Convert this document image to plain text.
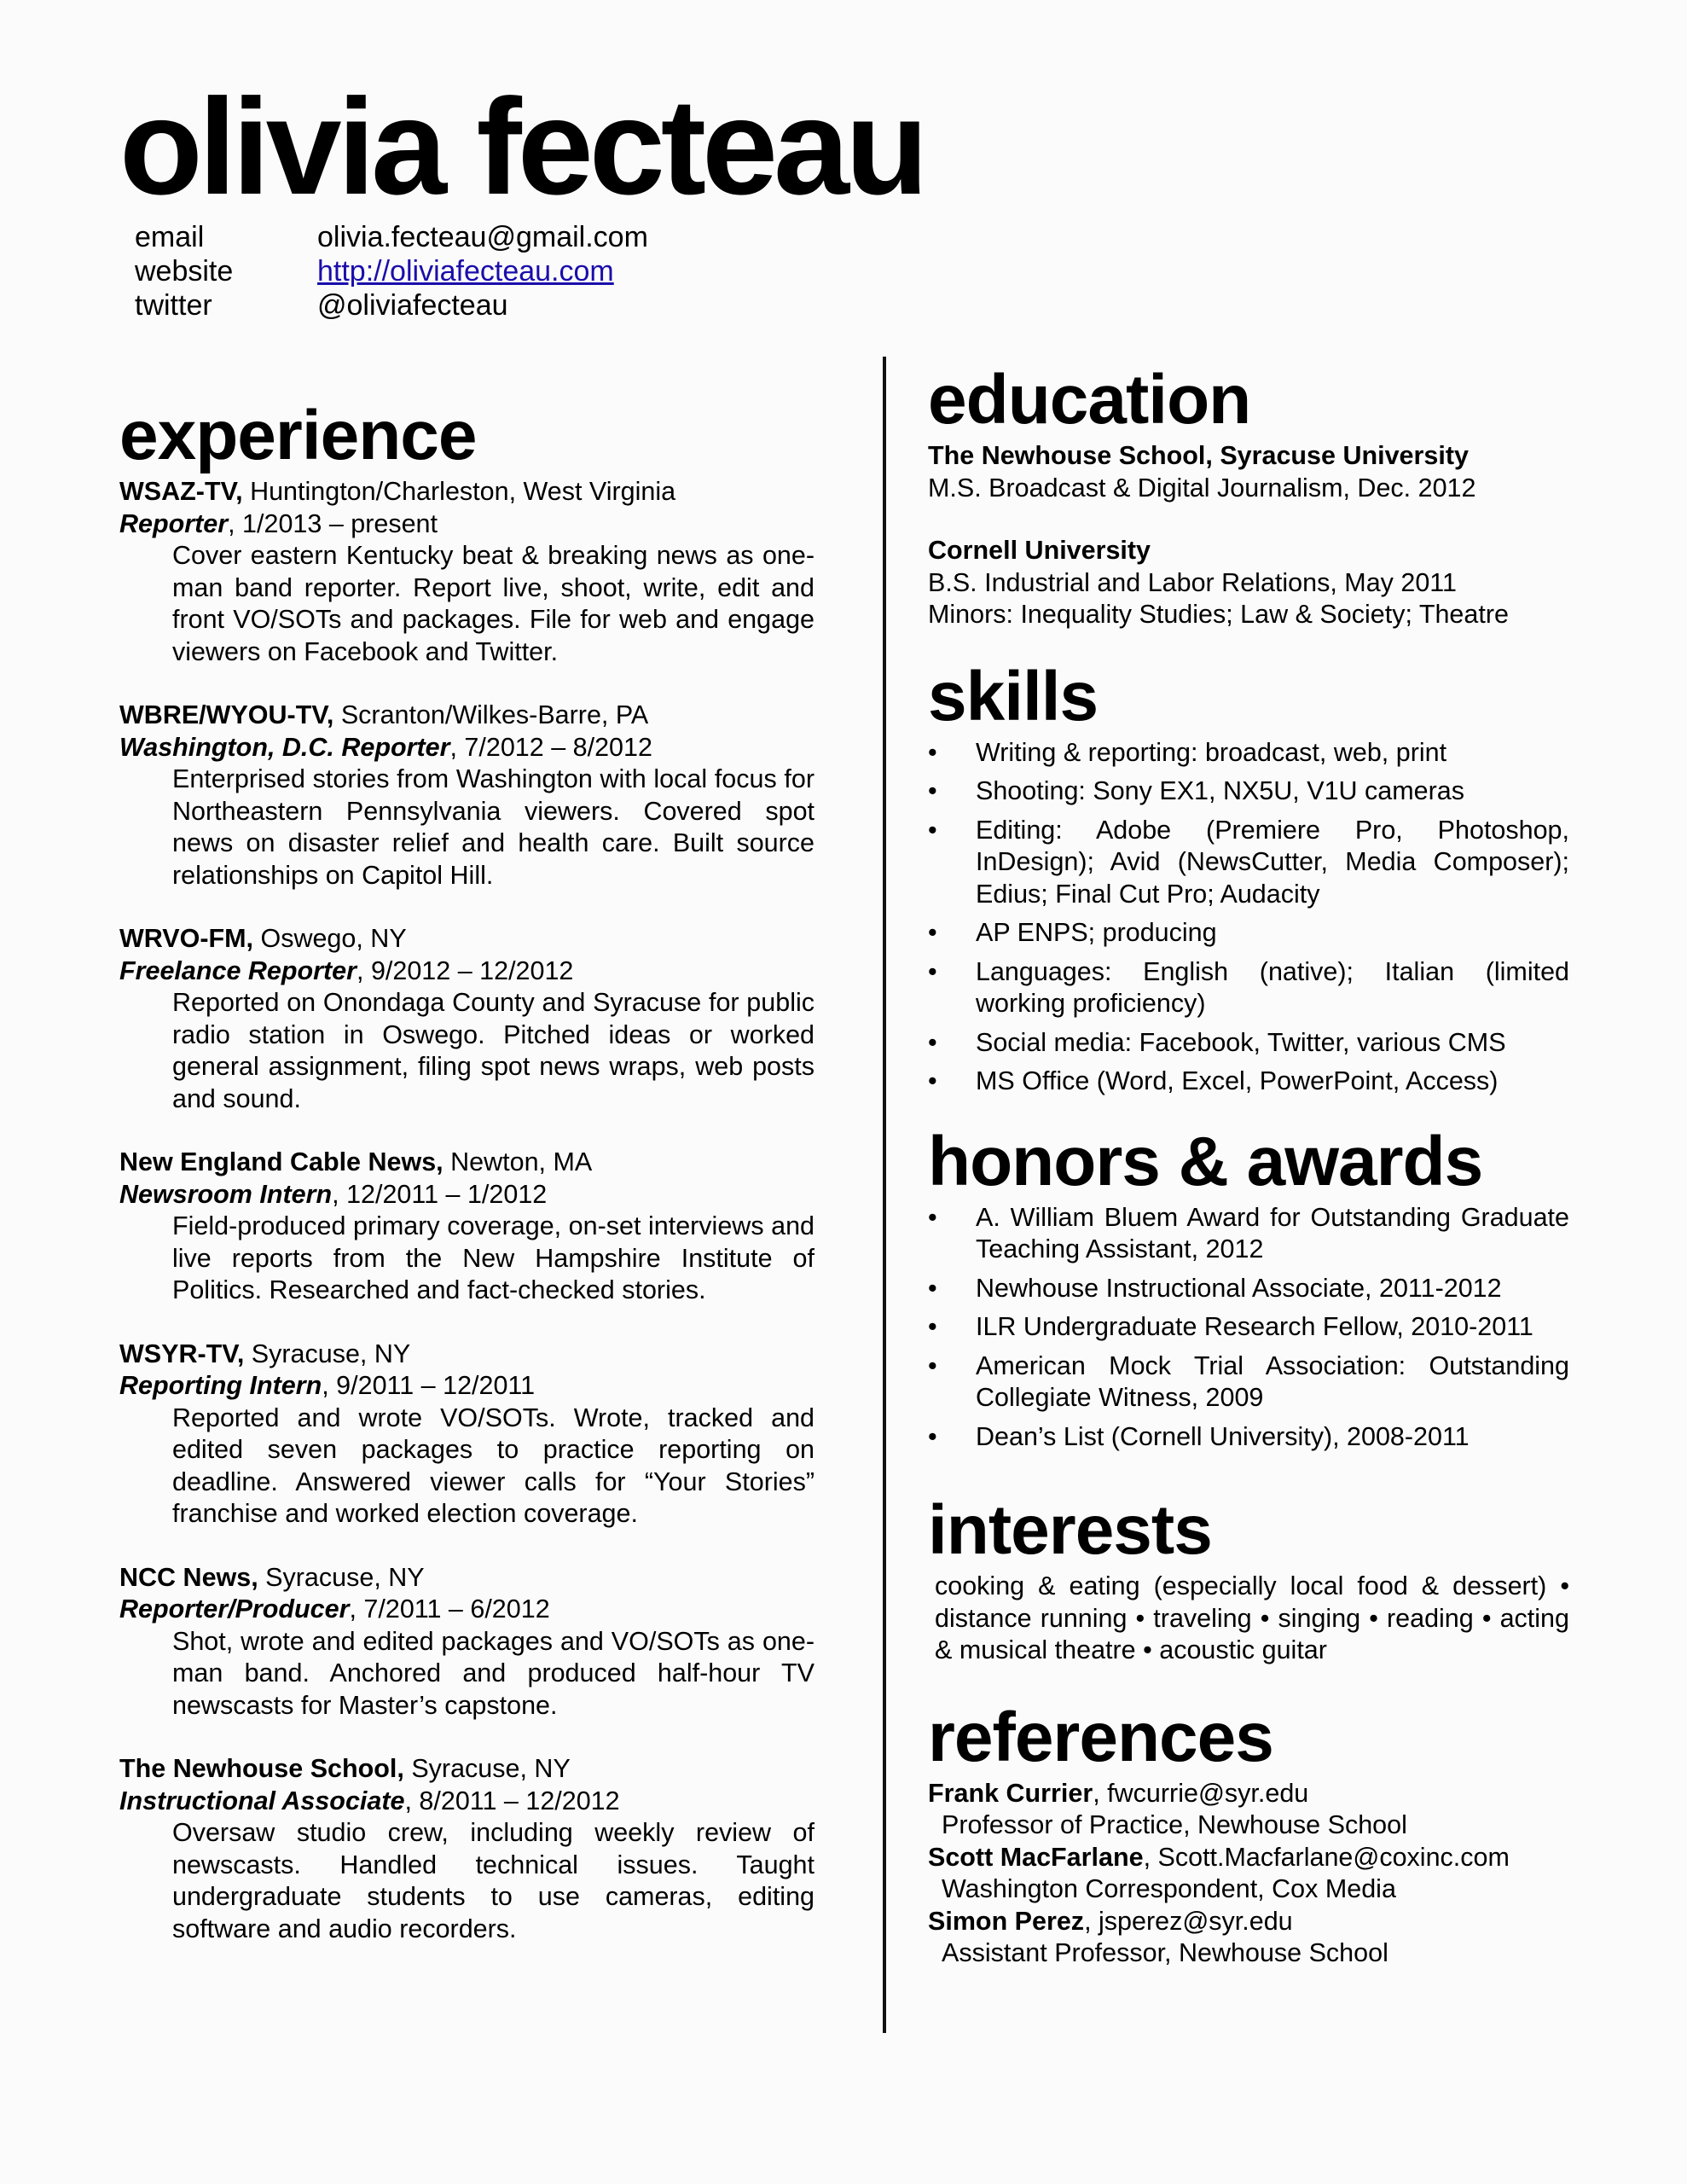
olivia fecteau
email	olivia.fecteau@gmail.com
website	http://oliviafecteau.com
twitter	@oliviafecteau
experience
WSAZ-TV, Huntington/Charleston, West Virginia
Reporter, 1/2013 – present
Cover eastern Kentucky beat & breaking news as one-man band reporter. Report live, shoot, write, edit and front VO/SOTs and packages. File for web and engage viewers on Facebook and Twitter.
WBRE/WYOU-TV, Scranton/Wilkes-Barre, PA
Washington, D.C. Reporter, 7/2012 – 8/2012
Enterprised stories from Washington with local focus for Northeastern Pennsylvania viewers. Covered spot news on disaster relief and health care. Built source relationships on Capitol Hill.
WRVO-FM, Oswego, NY
Freelance Reporter, 9/2012 – 12/2012
Reported on Onondaga County and Syracuse for public radio station in Oswego. Pitched ideas or worked general assignment, filing spot news wraps, web posts and sound.
New England Cable News, Newton, MA
Newsroom Intern, 12/2011 – 1/2012
Field-produced primary coverage, on-set interviews and live reports from the New Hampshire Institute of Politics. Researched and fact-checked stories.
WSYR-TV, Syracuse, NY
Reporting Intern, 9/2011 – 12/2011
Reported and wrote VO/SOTs. Wrote, tracked and edited seven packages to practice reporting on deadline. Answered viewer calls for “Your Stories” franchise and worked election coverage.
NCC News, Syracuse, NY
Reporter/Producer, 7/2011 – 6/2012
Shot, wrote and edited packages and VO/SOTs as one-man band. Anchored and produced half-hour TV newscasts for Master’s capstone.
The Newhouse School, Syracuse, NY
Instructional Associate, 8/2011 – 12/2012
Oversaw studio crew, including weekly review of newscasts. Handled technical issues. Taught undergraduate students to use cameras, editing software and audio recorders.
education
The Newhouse School, Syracuse University
M.S. Broadcast & Digital Journalism, Dec. 2012
Cornell University
B.S. Industrial and Labor Relations, May 2011
Minors: Inequality Studies; Law & Society; Theatre
skills
•	Writing & reporting: broadcast, web, print
•	Shooting: Sony EX1, NX5U, V1U cameras
•	Editing: Adobe (Premiere Pro, Photoshop, InDesign); Avid (NewsCutter, Media Composer); Edius; Final Cut Pro; Audacity
•	AP ENPS; producing
•	Languages: English (native); Italian (limited working proficiency)
•	Social media: Facebook, Twitter, various CMS
•	MS Office (Word, Excel, PowerPoint, Access)
honors & awards
•	A. William Bluem Award for Outstanding Graduate Teaching Assistant, 2012
•	Newhouse Instructional Associate, 2011-2012
•	ILR Undergraduate Research Fellow, 2010-2011
•	American Mock Trial Association: Outstanding Collegiate Witness, 2009
•	Dean’s List (Cornell University), 2008-2011
interests
cooking & eating (especially local food & dessert) • distance running • traveling • singing • reading • acting & musical theatre • acoustic guitar
references
Frank Currier, fwcurrie@syr.edu
Professor of Practice, Newhouse School
Scott MacFarlane, Scott.Macfarlane@coxinc.com
Washington Correspondent, Cox Media
Simon Perez, jsperez@syr.edu
Assistant Professor, Newhouse School
